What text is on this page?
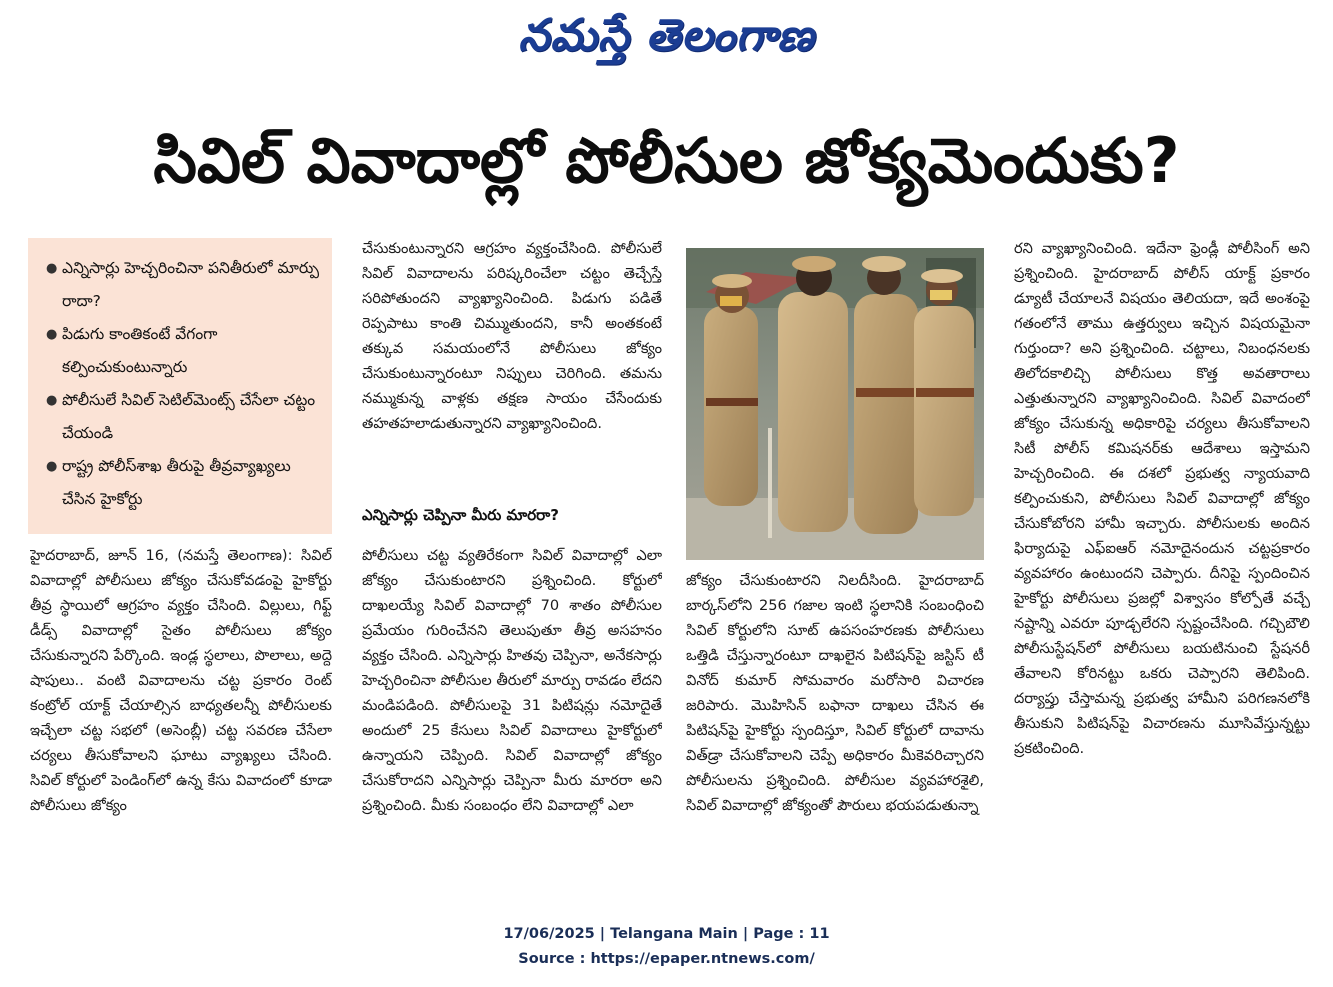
నమస్తే తెలంగాణ
సివిల్ వివాదాల్లో పోలీసుల జోక్యమెందుకు?
● ఎన్నిసార్లు హెచ్చరించినా పనితీరులో మార్పు రాదా?
● పిడుగు కాంతికంటే వేగంగా కల్పించుకుంటున్నారు
● పోలీసులే సివిల్ సెటిల్‌మెంట్స్ చేసేలా చట్టం చేయండి
● రాష్ట్ర పోలీస్‌శాఖ తీరుపై తీవ్రవ్యాఖ్యలు చేసిన హైకోర్టు

హైదరాబాద్, జూన్ 16, (నమస్తే తెలంగాణ): సివిల్ వివాదాల్లో పోలీసులు జోక్యం చేసుకోవడంపై హైకోర్టు తీవ్ర స్థాయిలో ఆగ్రహం వ్యక్తం చేసింది. విల్లులు, గిఫ్ట్ డీడ్స్ వివాదాల్లో సైతం పోలీసులు జోక్యం చేసుకున్నారని పేర్కొంది. ఇండ్ల స్థలాలు, పొలాలు, అద్దె షాపులు.. వంటి వివాదాలను చట్ట ప్రకారం రెంట్ కంట్రోల్ యాక్ట్ చేయాల్సిన బాధ్యతలన్నీ పోలీసులకు ఇచ్చేలా చట్ట సభలో (అసెంబ్లీ) చట్ట సవరణ చేసేలా చర్యలు తీసుకోవాలని ఘాటు వ్యాఖ్యలు చేసింది. సివిల్ కోర్టులో పెండింగ్‌లో ఉన్న కేసు వివాదంలో కూడా పోలీసులు జోక్యం

చేసుకుంటున్నారని ఆగ్రహం వ్యక్తంచేసింది. పోలీసులే సివిల్ వివాదాలను పరిష్కరించేలా చట్టం తెచ్చేస్తే సరిపోతుందని వ్యాఖ్యానించింది. పిడుగు పడితే రెప్పపాటు కాంతి చిమ్ముతుందని, కానీ అంతకంటే తక్కువ సమయంలోనే పోలీసులు జోక్యం చేసుకుంటున్నారంటూ నిప్పులు చెరిగింది. తమను నమ్ముకున్న వాళ్లకు తక్షణ సాయం చేసేందుకు తహతహలాడుతున్నారని వ్యాఖ్యానించింది.

ఎన్నిసార్లు చెప్పినా మీరు మారరా?

పోలీసులు చట్ట వ్యతిరేకంగా సివిల్ వివాదాల్లో ఎలా జోక్యం చేసుకుంటారని ప్రశ్నించింది. కోర్టులో దాఖలయ్యే సివిల్ వివాదాల్లో 70 శాతం పోలీసుల ప్రమేయం గురించేనని తెలుపుతూ తీవ్ర అసహనం వ్యక్తం చేసింది. ఎన్నిసార్లు హితవు చెప్పినా, అనేకసార్లు హెచ్చరించినా పోలీసుల తీరులో మార్పు రావడం లేదని మండిపడింది. పోలీసులపై 31 పిటిషన్లు నమోదైతే అందులో 25 కేసులు సివిల్ వివాదాలు హైకోర్టులో ఉన్నాయని చెప్పింది. సివిల్ వివాదాల్లో జోక్యం చేసుకోరాదని ఎన్నిసార్లు చెప్పినా మీరు మారరా అని ప్రశ్నించింది. మీకు సంబంధం లేని వివాదాల్లో ఎలా

జోక్యం చేసుకుంటారని నిలదీసింది. హైదరాబాద్ బార్కస్‌లోని 256 గజాల ఇంటి స్థలానికి సంబంధించి సివిల్ కోర్టులోని సూట్ ఉపసంహరణకు పోలీసులు ఒత్తిడి చేస్తున్నారంటూ దాఖలైన పిటిషన్‌పై జస్టిస్ టీ వినోద్ కుమార్ సోమవారం మరోసారి విచారణ జరిపారు. మొహిసిన్ బఫానా దాఖలు చేసిన ఈ పిటిషన్‌పై హైకోర్టు స్పందిస్తూ, సివిల్ కోర్టులో దావాను విత్‌డ్రా చేసుకోవాలని చెప్పే అధికారం మీకెవరిచ్చారని పోలీసులను ప్రశ్నించింది. పోలీసుల వ్యవహారశైలి, సివిల్ వివాదాల్లో జోక్యంతో పౌరులు భయపడుతున్నా

రని వ్యాఖ్యానించింది. ఇదేనా ఫ్రెండ్లీ పోలీసింగ్ అని ప్రశ్నించింది. హైదరాబాద్ పోలీస్ యాక్ట్ ప్రకారం డ్యూటీ చేయాలనే విషయం తెలియదా, ఇదే అంశంపై గతంలోనే తాము ఉత్తర్వులు ఇచ్చిన విషయమైనా గుర్తుందా? అని ప్రశ్నించింది. చట్టాలు, నిబంధనలకు తిలోదకాలిచ్చి పోలీసులు కొత్త అవతారాలు ఎత్తుతున్నారని వ్యాఖ్యానించింది. సివిల్ వివాదంలో జోక్యం చేసుకున్న అధికారిపై చర్యలు తీసుకోవాలని సిటీ పోలీస్ కమిషనర్‌కు ఆదేశాలు ఇస్తామని హెచ్చరించింది. ఈ దశలో ప్రభుత్వ న్యాయవాది కల్పించుకుని, పోలీసులు సివిల్ వివాదాల్లో జోక్యం చేసుకోబోరని హామీ ఇచ్చారు. పోలీసులకు అందిన ఫిర్యాదుపై ఎఫ్ఐఆర్ నమోదైనందున చట్టప్రకారం వ్యవహారం ఉంటుందని చెప్పారు. దీనిపై స్పందించిన హైకోర్టు పోలీసులు ప్రజల్లో విశ్వాసం కోల్పోతే వచ్చే నష్టాన్ని ఎవరూ పూడ్చలేరని స్పష్టంచేసింది. గచ్చిబౌలి పోలీసుస్టేషన్‌లో పోలీసులు బయటినుంచి స్టేషనరీ తేవాలని కోరినట్టు ఒకరు చెప్పారని తెలిపింది. దర్యాప్తు చేస్తామన్న ప్రభుత్వ హామీని పరిగణనలోకి తీసుకుని పిటిషన్‌పై విచారణను మూసివేస్తున్నట్టు ప్రకటించింది.

17/06/2025 | Telangana Main | Page : 11
Source : https://epaper.ntnews.com/
